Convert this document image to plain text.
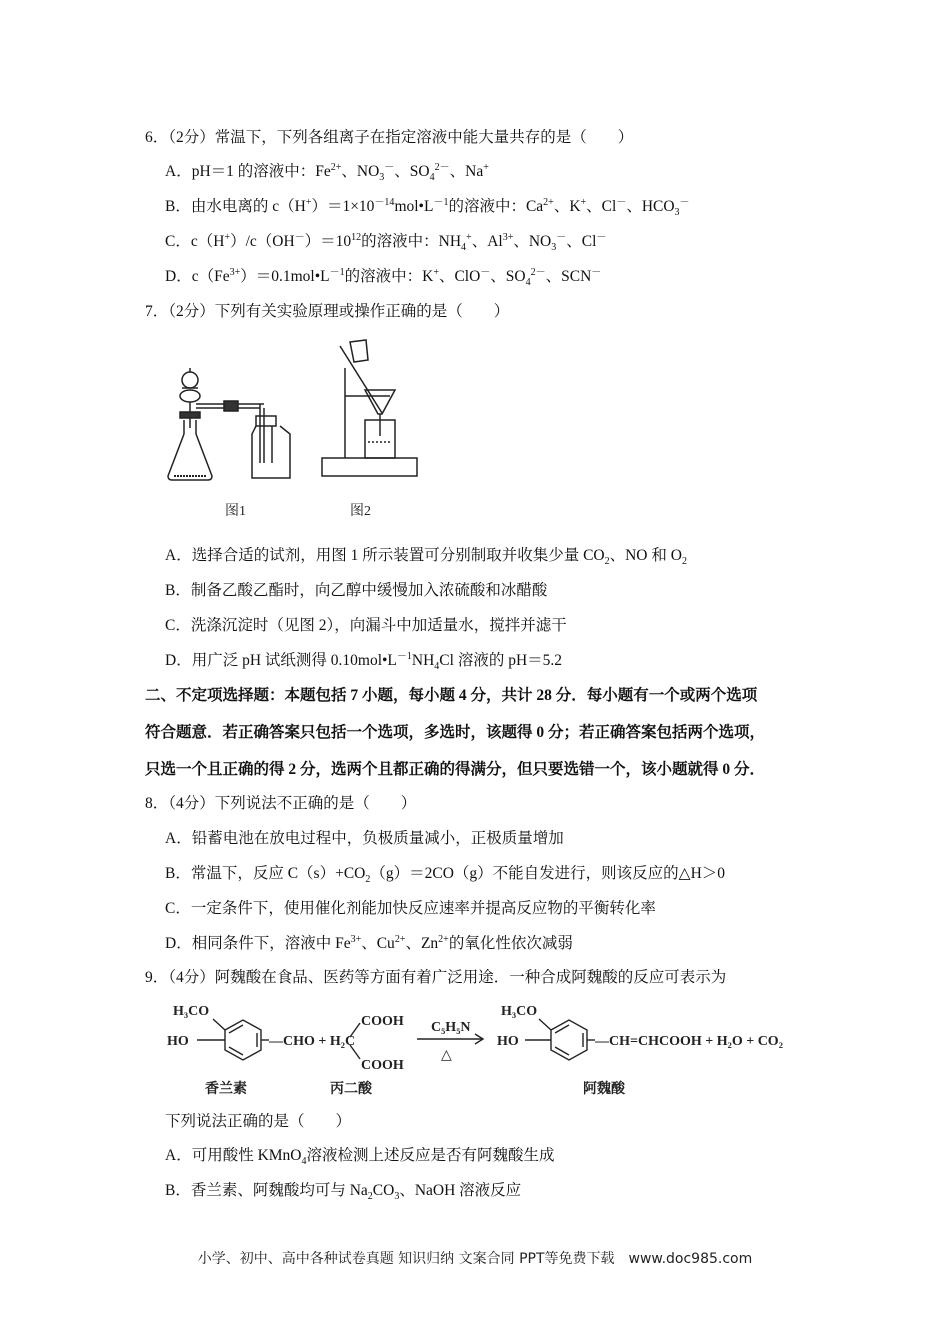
6．（2分）常温下，下列各组离子在指定溶液中能大量共存的是（　　）
A．pH＝1 的溶液中：$Fe^{2+}$、$NO_3^-$、$SO_4^{2-}$、Na+
B．由水电离的 $c(H^+)=1\times 10^{-14}mol•L^{-1}$的溶液中：$Ca^{2+}$、K+、Cl－、$HCO_3^-$
C．$c(H^+)/c(OH^-)=10^{12}$的溶液中：$NH_4^+$、$Al^{3+}$、$NO_3^-$、Cl－
D．$c(Fe^{3+})=0.1mol•L^{-1}$的溶液中：K+、ClO－、$SO_4^{2-}$、SCN－
7．（2分）下列有关实验原理或操作正确的是（　　）
图1	图2
A．选择合适的试剂，用图 1 所示装置可分别制取并收集少量 $CO_2$、NO 和 $O_2$
B．制备乙酸乙酯时，向乙醇中缓慢加入浓硫酸和冰醋酸
C．洗涤沉淀时（见图 2），向漏斗中加适量水，搅拌并滤干
D．用广泛 pH 试纸测得 $0.10mol•L^{-1}NH_4Cl$ 溶液的 pH＝5.2
二、不定项选择题：本题包括 7 小题，每小题 4 分，共计 28 分．每小题有一个或两个选项
符合题意．若正确答案只包括一个选项，多选时，该题得 0 分；若正确答案包括两个选项，
只选一个且正确的得 2 分，选两个且都正确的得满分，但只要选错一个，该小题就得 0 分．
8．（4分）下列说法不正确的是（　　）
A．铅蓄电池在放电过程中，负极质量减小，正极质量增加
B．常温下，反应 $C(s)+CO_2(g)=2CO(g)$不能自发进行，则该反应的△H＞0
C．一定条件下，使用催化剂能加快反应速率并提高反应物的平衡转化率
D．相同条件下，溶液中 $Fe^{3+}$、$Cu^{2+}$、$Zn^{2+}$的氧化性依次减弱
9．（4分）阿魏酸在食品、医药等方面有着广泛用途．一种合成阿魏酸的反应可表示为
H₃CO
HO	—CHO + H₂C
COOH
COOH
C₅H₅N
△
H₃CO
HO	—CH=CHCOOH + H₂O + CO₂
香兰素	丙二酸	阿魏酸
下列说法正确的是（　　）
A．可用酸性 KMnO$_4$溶液检测上述反应是否有阿魏酸生成
B．香兰素、阿魏酸均可与 $Na_2CO_3$、NaOH 溶液反应
小学、初中、高中各种试卷真题 知识归纳 文案合同 PPT等免费下载　www.doc985.com
